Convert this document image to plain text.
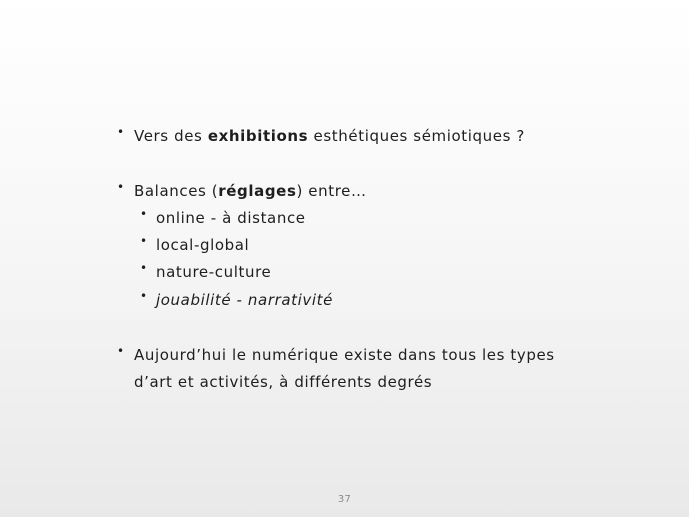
• Vers des exhibitions esthétiques sémiotiques ?
• Balances (réglages) entre…
• online - à distance
• local-global
• nature-culture
• jouabilité - narrativité
• Aujourd’hui le numérique existe dans tous les types
d’art et activités, à différents degrés
37
